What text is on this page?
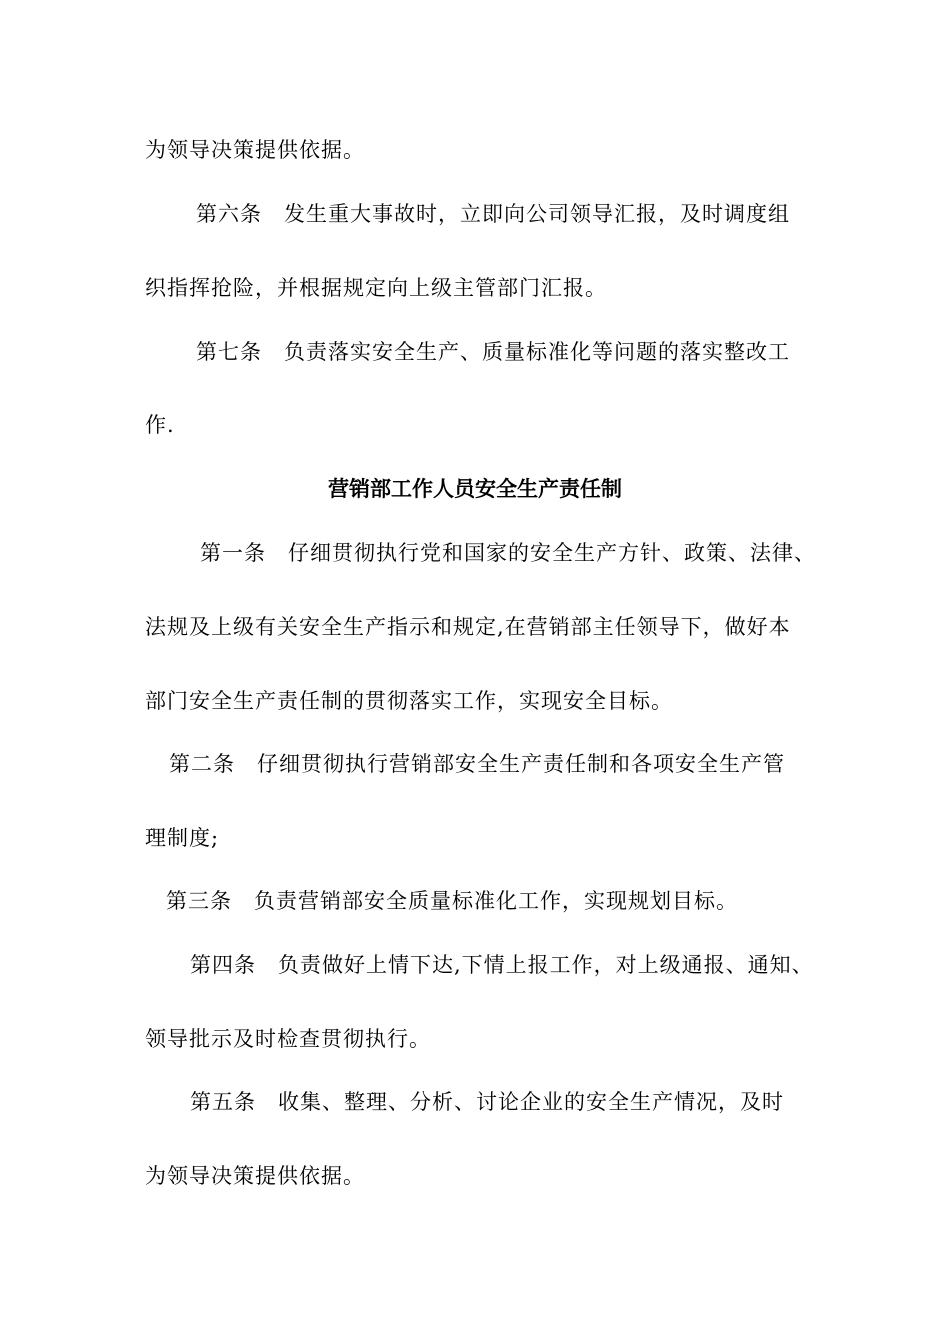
为领导决策提供依据。
第六条　发生重大事故时，立即向公司领导汇报，及时调度组
织指挥抢险，并根据规定向上级主管部门汇报。
第七条　负责落实安全生产、质量标准化等问题的落实整改工
作.
营销部工作人员安全生产责任制
第一条　仔细贯彻执行党和国家的安全生产方针、政策、法律、
法规及上级有关安全生产指示和规定,在营销部主任领导下，做好本
部门安全生产责任制的贯彻落实工作，实现安全目标。
第二条　仔细贯彻执行营销部安全生产责任制和各项安全生产管
理制度;
第三条　负责营销部安全质量标准化工作，实现规划目标。
第四条　负责做好上情下达,下情上报工作，对上级通报、通知、
领导批示及时检查贯彻执行。
第五条　收集、整理、分析、讨论企业的安全生产情况，及时
为领导决策提供依据。
